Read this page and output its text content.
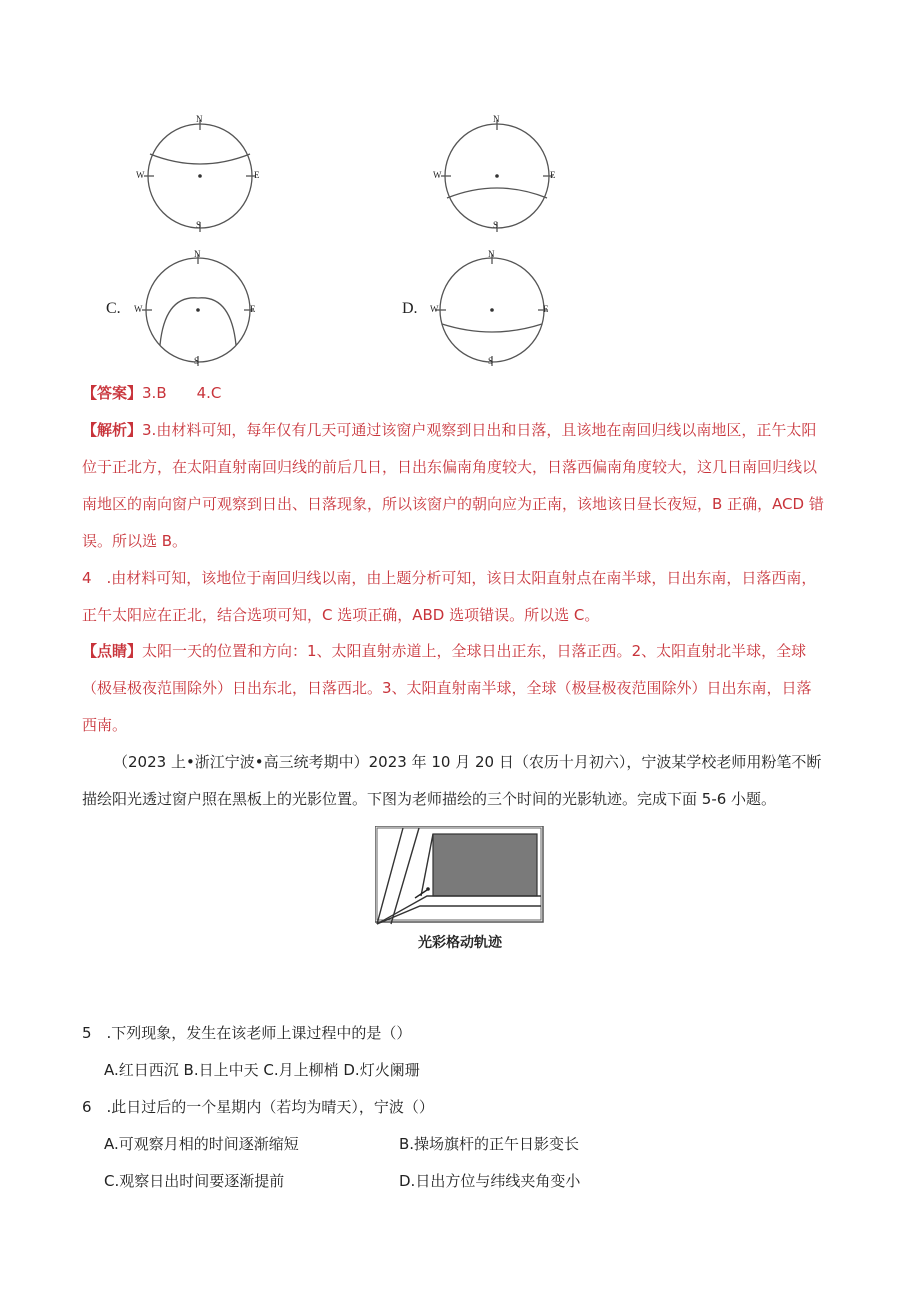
N
S
W	E
N
S
W	E
N
S
W	E
N
S
W	E
C.	D.
【答案】3.B　　4.C
【解析】3.由材料可知，每年仅有几天可通过该窗户观察到日出和日落，且该地在南回归线以南地区，正午太阳
位于正北方，在太阳直射南回归线的前后几日，日出东偏南角度较大，日落西偏南角度较大，这几日南回归线以
南地区的南向窗户可观察到日出、日落现象，所以该窗户的朝向应为正南，该地该日昼长夜短，B 正确，ACD 错
误。所以选 B。
4　.由材料可知，该地位于南回归线以南，由上题分析可知，该日太阳直射点在南半球，日出东南，日落西南，
正午太阳应在正北，结合选项可知，C 选项正确，ABD 选项错误。所以选 C。
【点睛】太阳一天的位置和方向：1、太阳直射赤道上，全球日出正东，日落正西。2、太阳直射北半球，全球
（极昼极夜范围除外）日出东北，日落西北。3、太阳直射南半球，全球（极昼极夜范围除外）日出东南，日落
西南。
（2023 上•浙江宁波•高三统考期中）2023 年 10 月 20 日（农历十月初六），宁波某学校老师用粉笔不断
描绘阳光透过窗户照在黑板上的光影位置。下图为老师描绘的三个时间的光影轨迹。完成下面 5-6 小题。
光彩格动轨迹
5　.下列现象，发生在该老师上课过程中的是（）
A.红日西沉 B.日上中天 C.月上柳梢 D.灯火阑珊
6　.此日过后的一个星期内（若均为晴天），宁波（）
A.可观察月相的时间逐渐缩短	B.操场旗杆的正午日影变长
C.观察日出时间要逐渐提前	D.日出方位与纬线夹角变小
